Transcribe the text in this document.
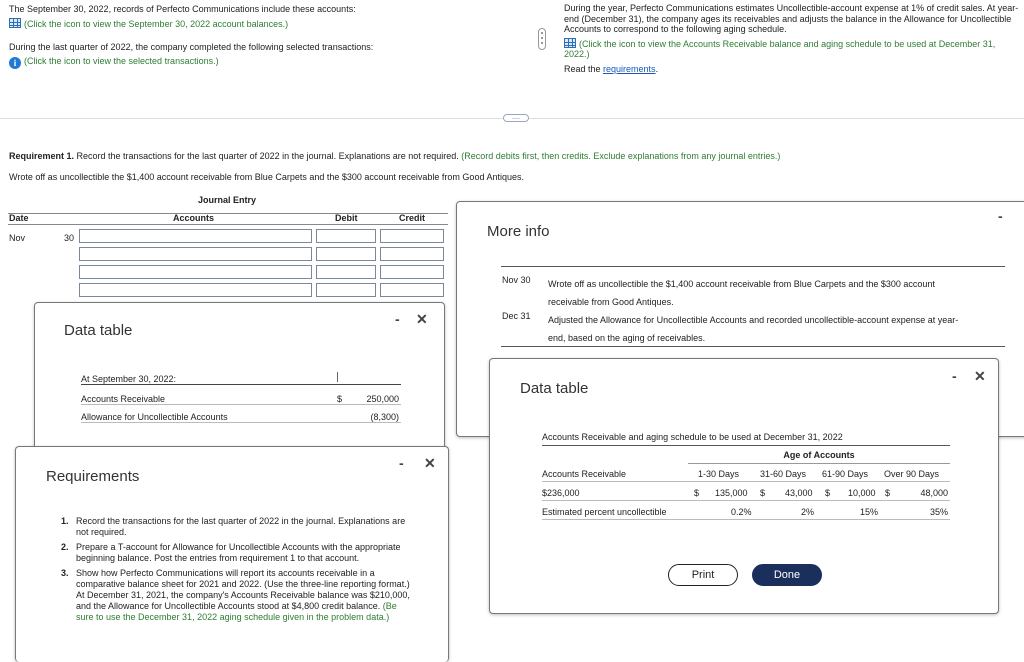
The September 30, 2022, records of Perfecto Communications include these accounts:
(Click the icon to view the September 30, 2022 account balances.)
During the last quarter of 2022, the company completed the following selected transactions:
i (Click the icon to view the selected transactions.)
During the year, Perfecto Communications estimates Uncollectible-account expense at 1% of credit sales. At year-end (December 31), the company ages its receivables and adjusts the balance in the Allowance for Uncollectible Accounts to correspond to the following aging schedule.
(Click the icon to view the Accounts Receivable balance and aging schedule to be used at December 31, 2022.)
Read the requirements.
....
Requirement 1. Record the transactions for the last quarter of 2022 in the journal. Explanations are not required. (Record debits first, then credits. Exclude explanations from any journal entries.)
Wrote off as uncollectible the $1,400 account receivable from Blue Carpets and the $300 account receivable from Good Antiques.
Journal Entry
Date	Accounts	Debit	Credit
Nov	30
Data table
- ✕
At September 30, 2022:
Accounts Receivable	$	250,000
Allowance for Uncollectible Accounts	(8,300)
Requirements
- ✕
1. Record the transactions for the last quarter of 2022 in the journal. Explanations are not required.
2. Prepare a T-account for Allowance for Uncollectible Accounts with the appropriate beginning balance. Post the entries from requirement 1 to that account.
3. Show how Perfecto Communications will report its accounts receivable in a comparative balance sheet for 2021 and 2022. (Use the three-line reporting format.) At December 31, 2021, the company's Accounts Receivable balance was $210,000, and the Allowance for Uncollectible Accounts stood at $4,800 credit balance. (Be sure to use the December 31, 2022 aging schedule given in the problem data.)
More info
-
Nov 30 Wrote off as uncollectible the $1,400 account receivable from Blue Carpets and the $300 account receivable from Good Antiques.
Dec 31 Adjusted the Allowance for Uncollectible Accounts and recorded uncollectible-account expense at year-end, based on the aging of receivables.
Data table
- ✕
Accounts Receivable and aging schedule to be used at December 31, 2022
Age of Accounts
Accounts Receivable	1-30 Days 31-60 Days 61-90 Days Over 90 Days
$236,000	$ 135,000 $ 43,000 $ 10,000 $	48,000
Estimated percent uncollectible	0.2%	2%	15%	35%
Print	Done
